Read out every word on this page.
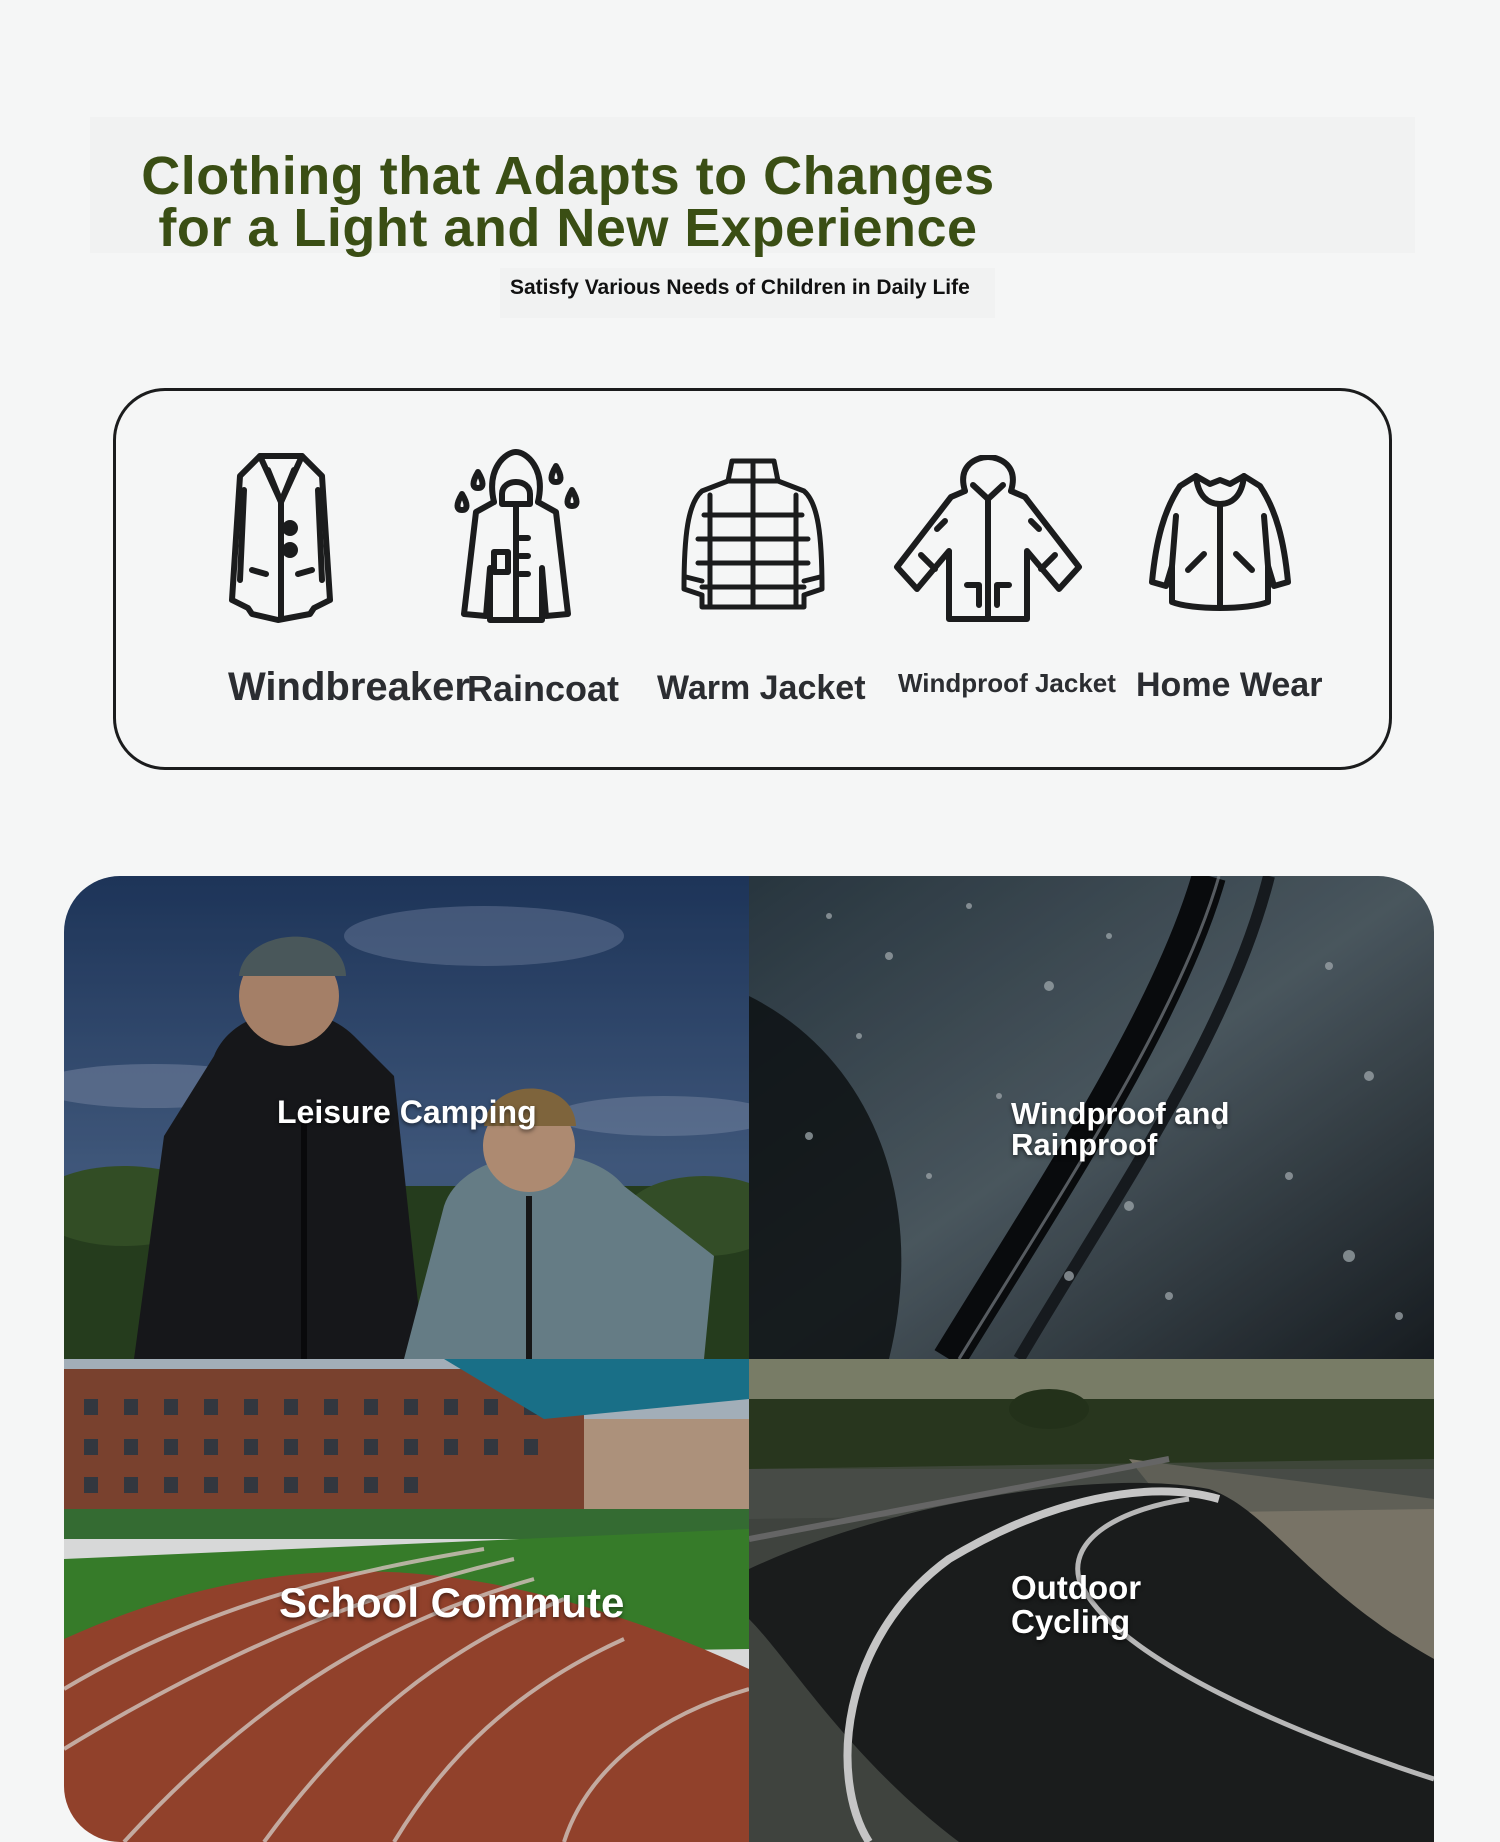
Clothing that Adapts to Changes for a Light and New Experience

Satisfy Various Needs of Children in Daily Life

Windbreaker
Raincoat Warm Jacket Windproof Jacket Home Wear
Leisure Camping	Windproof and Rainproof
School Commute	Outdoor Cycling
